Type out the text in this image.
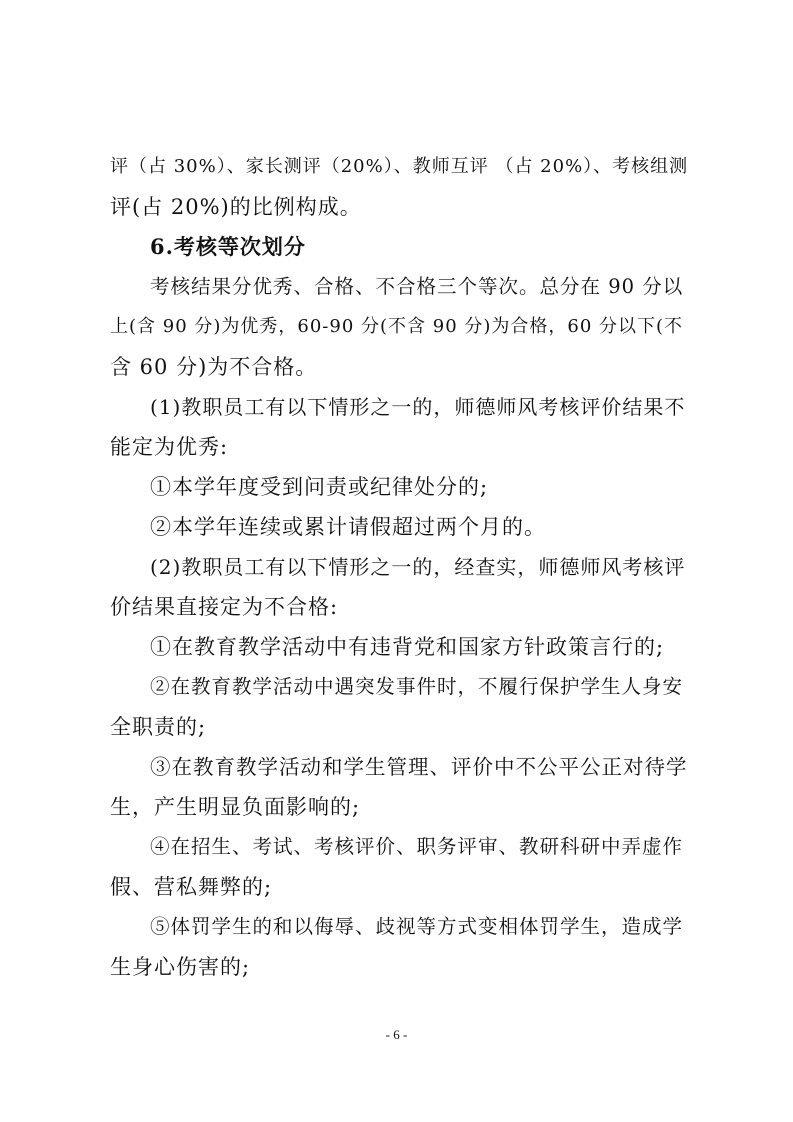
评（占 30%）、家长测评（20%）、教师互评 （占 20%）、考核组测
评(占 20%)的比例构成。
6.考核等次划分
考核结果分优秀、合格、不合格三个等次。总分在 90 分以
上(含 90 分)为优秀，60-90 分(不含 90 分)为合格，60 分以下(不
含 60 分)为不合格。
(1)教职员工有以下情形之一的，师德师风考核评价结果不
能定为优秀:
①本学年度受到问责或纪律处分的;
②本学年连续或累计请假超过两个月的。
(2)教职员工有以下情形之一的，经查实，师德师风考核评
价结果直接定为不合格:
①在教育教学活动中有违背党和国家方针政策言行的;
②在教育教学活动中遇突发事件时，不履行保护学生人身安
全职责的;
③在教育教学活动和学生管理、评价中不公平公正对待学
生，产生明显负面影响的;
④在招生、考试、考核评价、职务评审、教研科研中弄虚作
假、营私舞弊的;
⑤体罚学生的和以侮辱、歧视等方式变相体罚学生，造成学
生身心伤害的;
- 6 -
